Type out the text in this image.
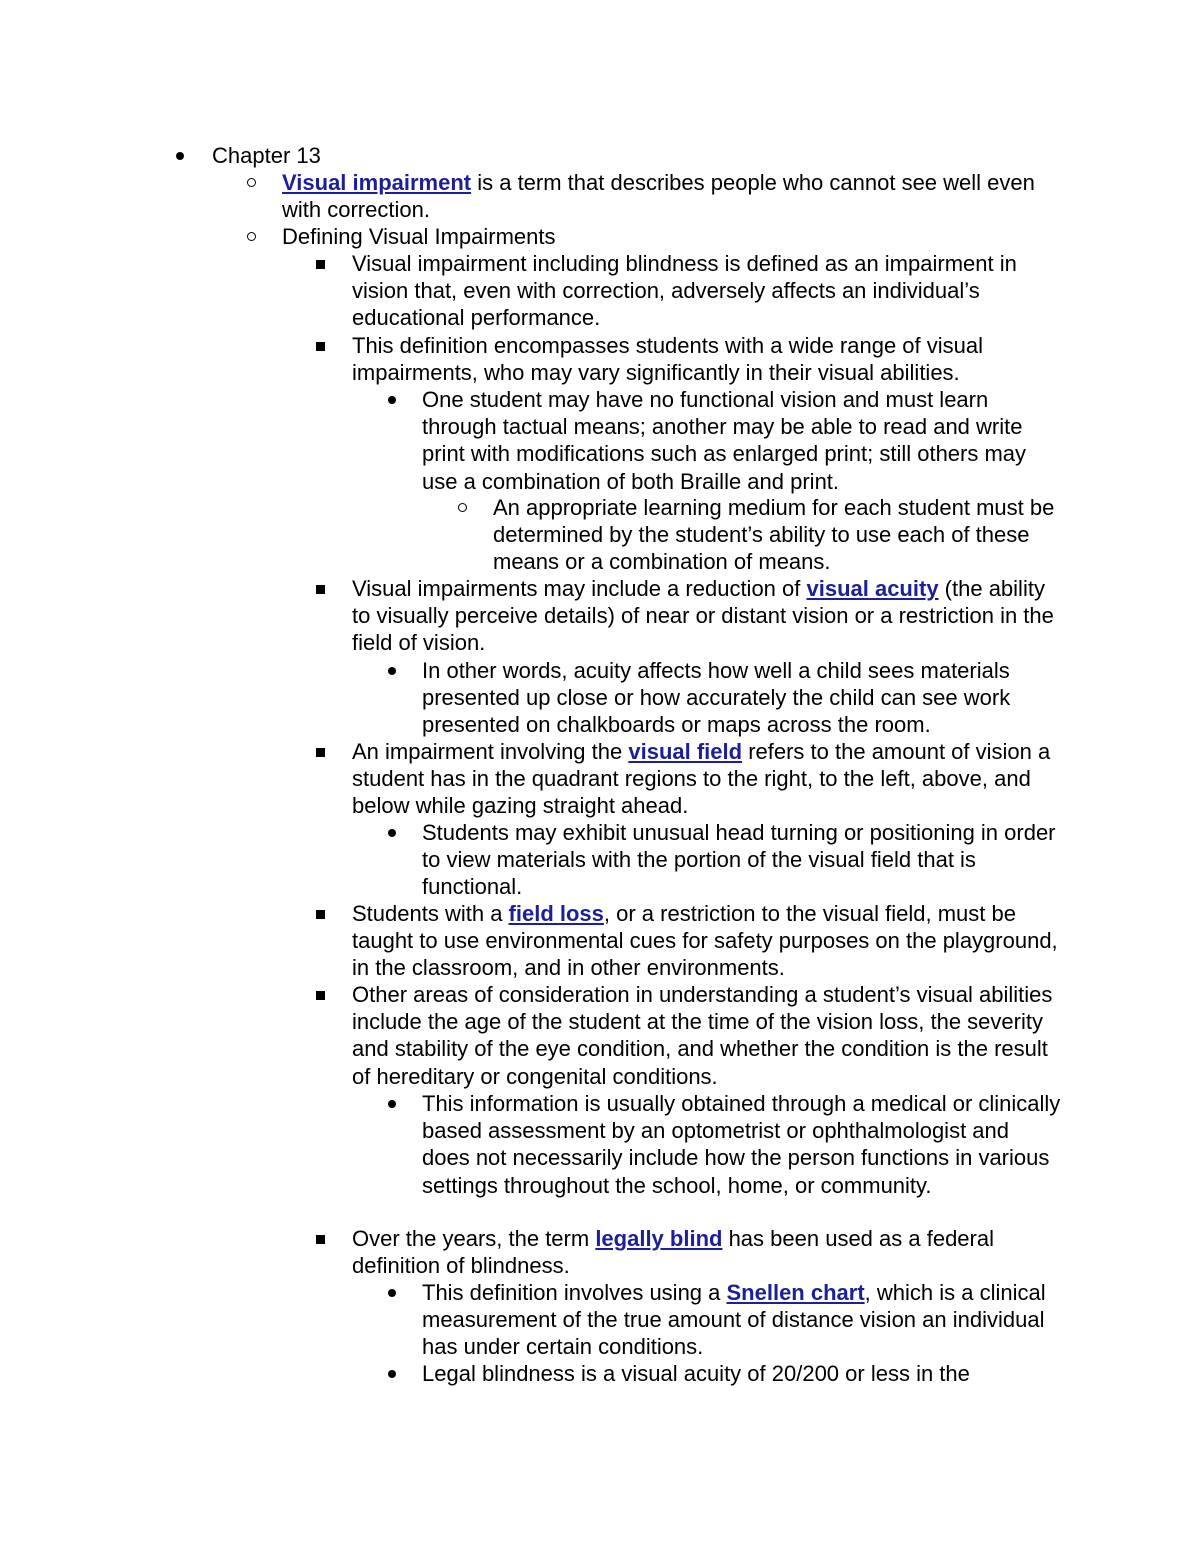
Chapter 13
Visual impairment is a term that describes people who cannot see well even with correction.
Defining Visual Impairments
Visual impairment including blindness is defined as an impairment in vision that, even with correction, adversely affects an individual’s educational performance.
This definition encompasses students with a wide range of visual impairments, who may vary significantly in their visual abilities.
One student may have no functional vision and must learn through tactual means; another may be able to read and write print with modifications such as enlarged print; still others may use a combination of both Braille and print.
An appropriate learning medium for each student must be determined by the student’s ability to use each of these means or a combination of means.
Visual impairments may include a reduction of visual acuity (the ability to visually perceive details) of near or distant vision or a restriction in the field of vision.
In other words, acuity affects how well a child sees materials presented up close or how accurately the child can see work presented on chalkboards or maps across the room.
An impairment involving the visual field refers to the amount of vision a student has in the quadrant regions to the right, to the left, above, and below while gazing straight ahead.
Students may exhibit unusual head turning or positioning in order to view materials with the portion of the visual field that is functional.
Students with a field loss, or a restriction to the visual field, must be taught to use environmental cues for safety purposes on the playground, in the classroom, and in other environments.
Other areas of consideration in understanding a student’s visual abilities include the age of the student at the time of the vision loss, the severity and stability of the eye condition, and whether the condition is the result of hereditary or congenital conditions.
This information is usually obtained through a medical or clinically based assessment by an optometrist or ophthalmologist and does not necessarily include how the person functions in various settings throughout the school, home, or community.
Over the years, the term legally blind has been used as a federal definition of blindness.
This definition involves using a Snellen chart, which is a clinical measurement of the true amount of distance vision an individual has under certain conditions.
Legal blindness is a visual acuity of 20/200 or less in the
